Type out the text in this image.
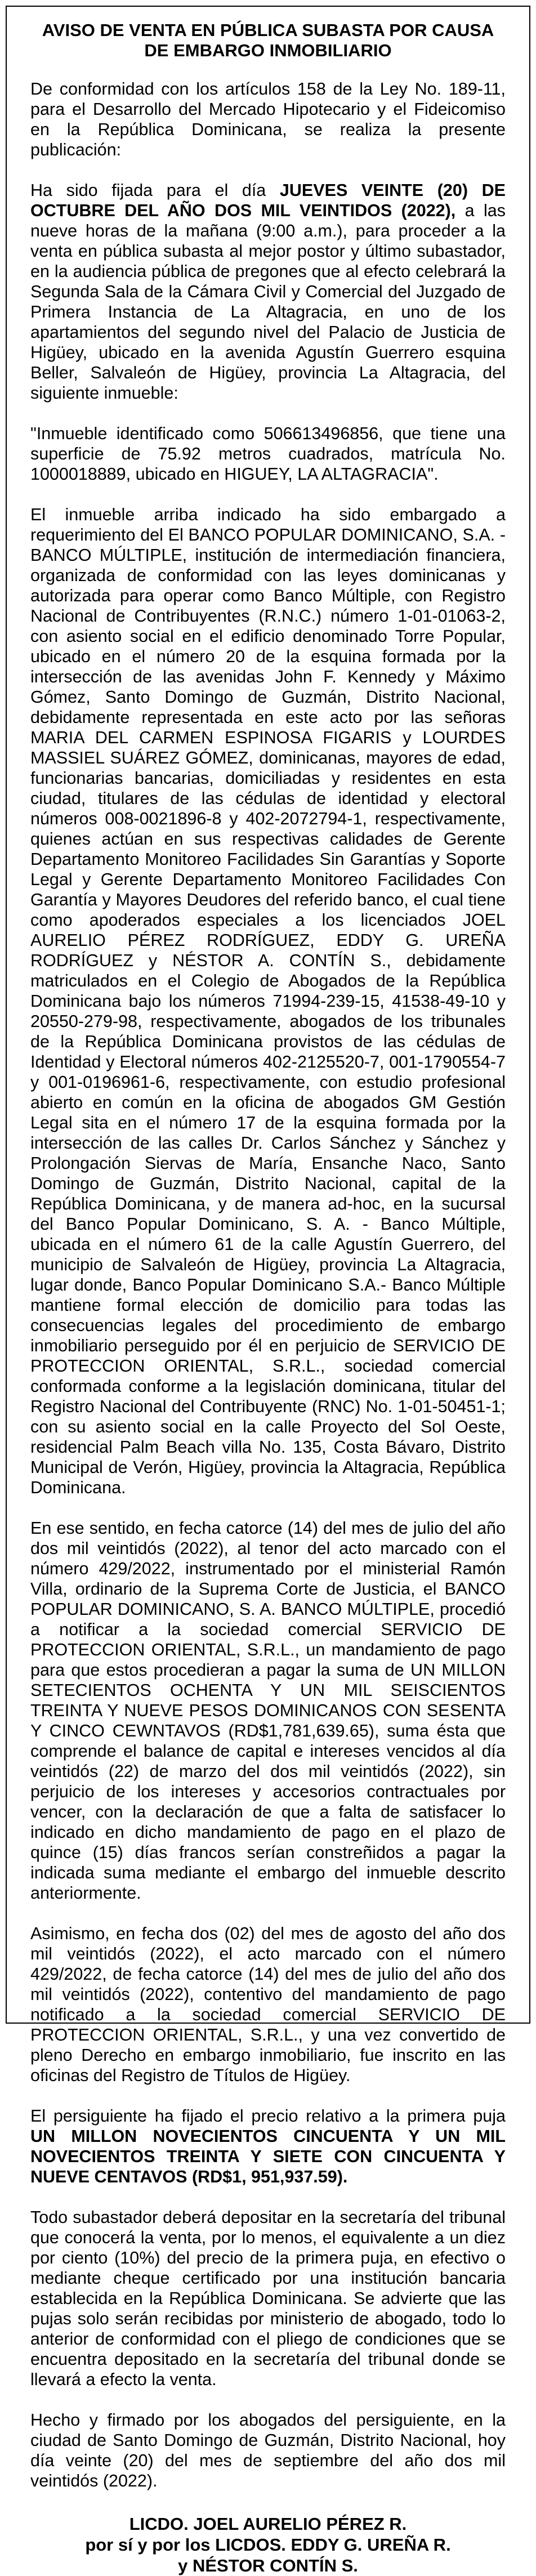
AVISO DE VENTA EN PÚBLICA SUBASTA POR CAUSA
DE EMBARGO INMOBILIARIO

De conformidad con los artículos 158 de la Ley No. 189-11, para el Desarrollo del Mercado Hipotecario y el Fideicomiso en la República Dominicana, se realiza la presente publicación:

Ha sido fijada para el día JUEVES VEINTE (20) DE OCTUBRE DEL AÑO DOS MIL VEINTIDOS (2022), a las nueve horas de la mañana (9:00 a.m.), para proceder a la venta en pública subasta al mejor postor y último subastador, en la audiencia pública de pregones que al efecto celebrará la Segunda Sala de la Cámara Civil y Comercial del Juzgado de Primera Instancia de La Altagracia, en uno de los apartamientos del segundo nivel del Palacio de Justicia de Higüey, ubicado en la avenida Agustín Guerrero esquina Beller, Salvaleón de Higüey, provincia La Altagracia, del siguiente inmueble:

"Inmueble identificado como 506613496856, que tiene una superficie de 75.92 metros cuadrados, matrícula No. 1000018889, ubicado en HIGUEY, LA ALTAGRACIA".

El inmueble arriba indicado ha sido embargado a requerimiento del El BANCO POPULAR DOMINICANO, S.A. - BANCO MÚLTIPLE, institución de intermediación financiera, organizada de conformidad con las leyes dominicanas y autorizada para operar como Banco Múltiple, con Registro Nacional de Contribuyentes (R.N.C.) número 1-01-01063-2, con asiento social en el edificio denominado Torre Popular, ubicado en el número 20 de la esquina formada por la intersección de las avenidas John F. Kennedy y Máximo Gómez, Santo Domingo de Guzmán, Distrito Nacional, debidamente representada en este acto por las señoras MARIA DEL CARMEN ESPINOSA FIGARIS y LOURDES MASSIEL SUÁREZ GÓMEZ, dominicanas, mayores de edad, funcionarias bancarias, domiciliadas y residentes en esta ciudad, titulares de las cédulas de identidad y electoral números 008-0021896-8 y 402-2072794-1, respectivamente, quienes actúan en sus respectivas calidades de Gerente Departamento Monitoreo Facilidades Sin Garantías y Soporte Legal y Gerente Departamento Monitoreo Facilidades Con Garantía y Mayores Deudores del referido banco, el cual tiene como apoderados especiales a los licenciados JOEL AURELIO PÉREZ RODRÍGUEZ, EDDY G. UREÑA RODRÍGUEZ y NÉSTOR A. CONTÍN S., debidamente matriculados en el Colegio de Abogados de la República Dominicana bajo los números 71994-239-15, 41538-49-10 y 20550-279-98, respectivamente, abogados de los tribunales de la República Dominicana provistos de las cédulas de Identidad y Electoral números 402-2125520-7, 001-1790554-7 y 001-0196961-6, respectivamente, con estudio profesional abierto en común en la oficina de abogados GM Gestión Legal sita en el número 17 de la esquina formada por la intersección de las calles Dr. Carlos Sánchez y Sánchez y Prolongación Siervas de María, Ensanche Naco, Santo Domingo de Guzmán, Distrito Nacional, capital de la República Dominicana, y de manera ad-hoc, en la sucursal del Banco Popular Dominicano, S. A. - Banco Múltiple, ubicada en el número 61 de la calle Agustín Guerrero, del municipio de Salvaleón de Higüey, provincia La Altagracia, lugar donde, Banco Popular Dominicano S.A.- Banco Múltiple mantiene formal elección de domicilio para todas las consecuencias legales del procedimiento de embargo inmobiliario perseguido por él en perjuicio de SERVICIO DE PROTECCION ORIENTAL, S.R.L., sociedad comercial conformada conforme a la legislación dominicana, titular del Registro Nacional del Contribuyente (RNC) No. 1-01-50451-1; con su asiento social en la calle Proyecto del Sol Oeste, residencial Palm Beach villa No. 135, Costa Bávaro, Distrito Municipal de Verón, Higüey, provincia la Altagracia, República Dominicana.

En ese sentido, en fecha catorce (14) del mes de julio del año dos mil veintidós (2022), al tenor del acto marcado con el número 429/2022, instrumentado por el ministerial Ramón Villa, ordinario de la Suprema Corte de Justicia, el BANCO POPULAR DOMINICANO, S. A. BANCO MÚLTIPLE, procedió a notificar a la sociedad comercial SERVICIO DE PROTECCION ORIENTAL, S.R.L., un mandamiento de pago para que estos procedieran a pagar la suma de UN MILLON SETECIENTOS OCHENTA Y UN MIL SEISCIENTOS TREINTA Y NUEVE PESOS DOMINICANOS CON SESENTA Y CINCO CEWNTAVOS (RD$1,781,639.65), suma ésta que comprende el balance de capital e intereses vencidos al día veintidós (22) de marzo del dos mil veintidós (2022), sin perjuicio de los intereses y accesorios contractuales por vencer, con la declaración de que a falta de satisfacer lo indicado en dicho mandamiento de pago en el plazo de quince (15) días francos serían constreñidos a pagar la indicada suma mediante el embargo del inmueble descrito anteriormente.

Asimismo, en fecha dos (02) del mes de agosto del año dos mil veintidós (2022), el acto marcado con el número 429/2022, de fecha catorce (14) del mes de julio del año dos mil veintidós (2022), contentivo del mandamiento de pago notificado a la sociedad comercial SERVICIO DE PROTECCION ORIENTAL, S.R.L., y una vez convertido de pleno Derecho en embargo inmobiliario, fue inscrito en las oficinas del Registro de Títulos de Higüey.

El persiguiente ha fijado el precio relativo a la primera puja UN MILLON NOVECIENTOS CINCUENTA Y UN MIL NOVECIENTOS TREINTA Y SIETE CON CINCUENTA Y NUEVE CENTAVOS (RD$1, 951,937.59).

Todo subastador deberá depositar en la secretaría del tribunal que conocerá la venta, por lo menos, el equivalente a un diez por ciento (10%) del precio de la primera puja, en efectivo o mediante cheque certificado por una institución bancaria establecida en la República Dominicana. Se advierte que las pujas solo serán recibidas por ministerio de abogado, todo lo anterior de conformidad con el pliego de condiciones que se encuentra depositado en la secretaría del tribunal donde se llevará a efecto la venta.

Hecho y firmado por los abogados del persiguiente, en la ciudad de Santo Domingo de Guzmán, Distrito Nacional, hoy día veinte (20) del mes de septiembre del año dos mil veintidós (2022).

LICDO. JOEL AURELIO PÉREZ R.
por sí y por los LICDOS. EDDY G. UREÑA R.
y NÉSTOR CONTÍN S.
